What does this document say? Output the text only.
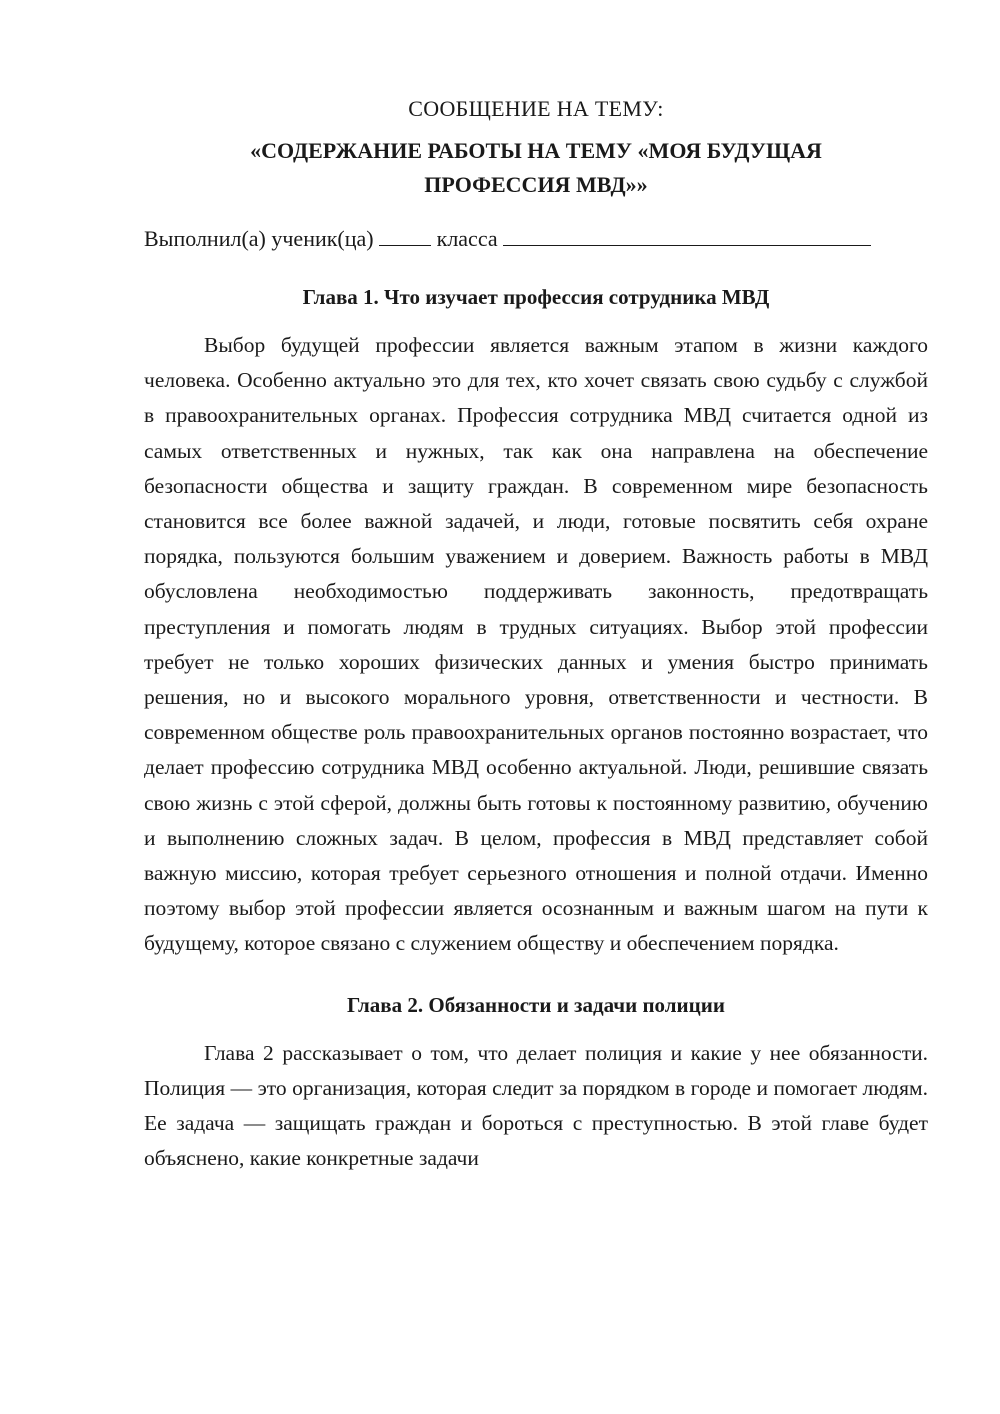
СООБЩЕНИЕ НА ТЕМУ:

«СОДЕРЖАНИЕ РАБОТЫ НА ТЕМУ «МОЯ БУДУЩАЯ ПРОФЕССИЯ МВД»»
Выполнил(а) ученик(ца)	класса
Глава 1. Что изучает профессия сотрудника МВД

Выбор будущей профессии является важным этапом в жизни каждого человека. Особенно актуально это для тех, кто хочет связать свою судьбу с службой в правоохранительных органах. Профессия сотрудника МВД считается одной из самых ответственных и нужных, так как она направлена на обеспечение безопасности общества и защиту граждан. В современном мире безопасность становится все более важной задачей, и люди, готовые посвятить себя охране порядка, пользуются большим уважением и доверием. Важность работы в МВД обусловлена необходимостью поддерживать законность, предотвращать преступления и помогать людям в трудных ситуациях. Выбор этой профессии требует не только хороших физических данных и умения быстро принимать решения, но и высокого морального уровня, ответственности и честности. В современном обществе роль правоохранительных органов постоянно возрастает, что делает профессию сотрудника МВД особенно актуальной. Люди, решившие связать свою жизнь с этой сферой, должны быть готовы к постоянному развитию, обучению и выполнению сложных задач. В целом, профессия в МВД представляет собой важную миссию, которая требует серьезного отношения и полной отдачи. Именно поэтому выбор этой профессии является осознанным и важным шагом на пути к будущему, которое связано с служением обществу и обеспечением порядка.

Глава 2. Обязанности и задачи полиции

Глава 2 рассказывает о том, что делает полиция и какие у нее обязанности. Полиция — это организация, которая следит за порядком в городе и помогает людям. Ее задача — защищать граждан и бороться с преступностью. В этой главе будет объяснено, какие конкретные задачи
